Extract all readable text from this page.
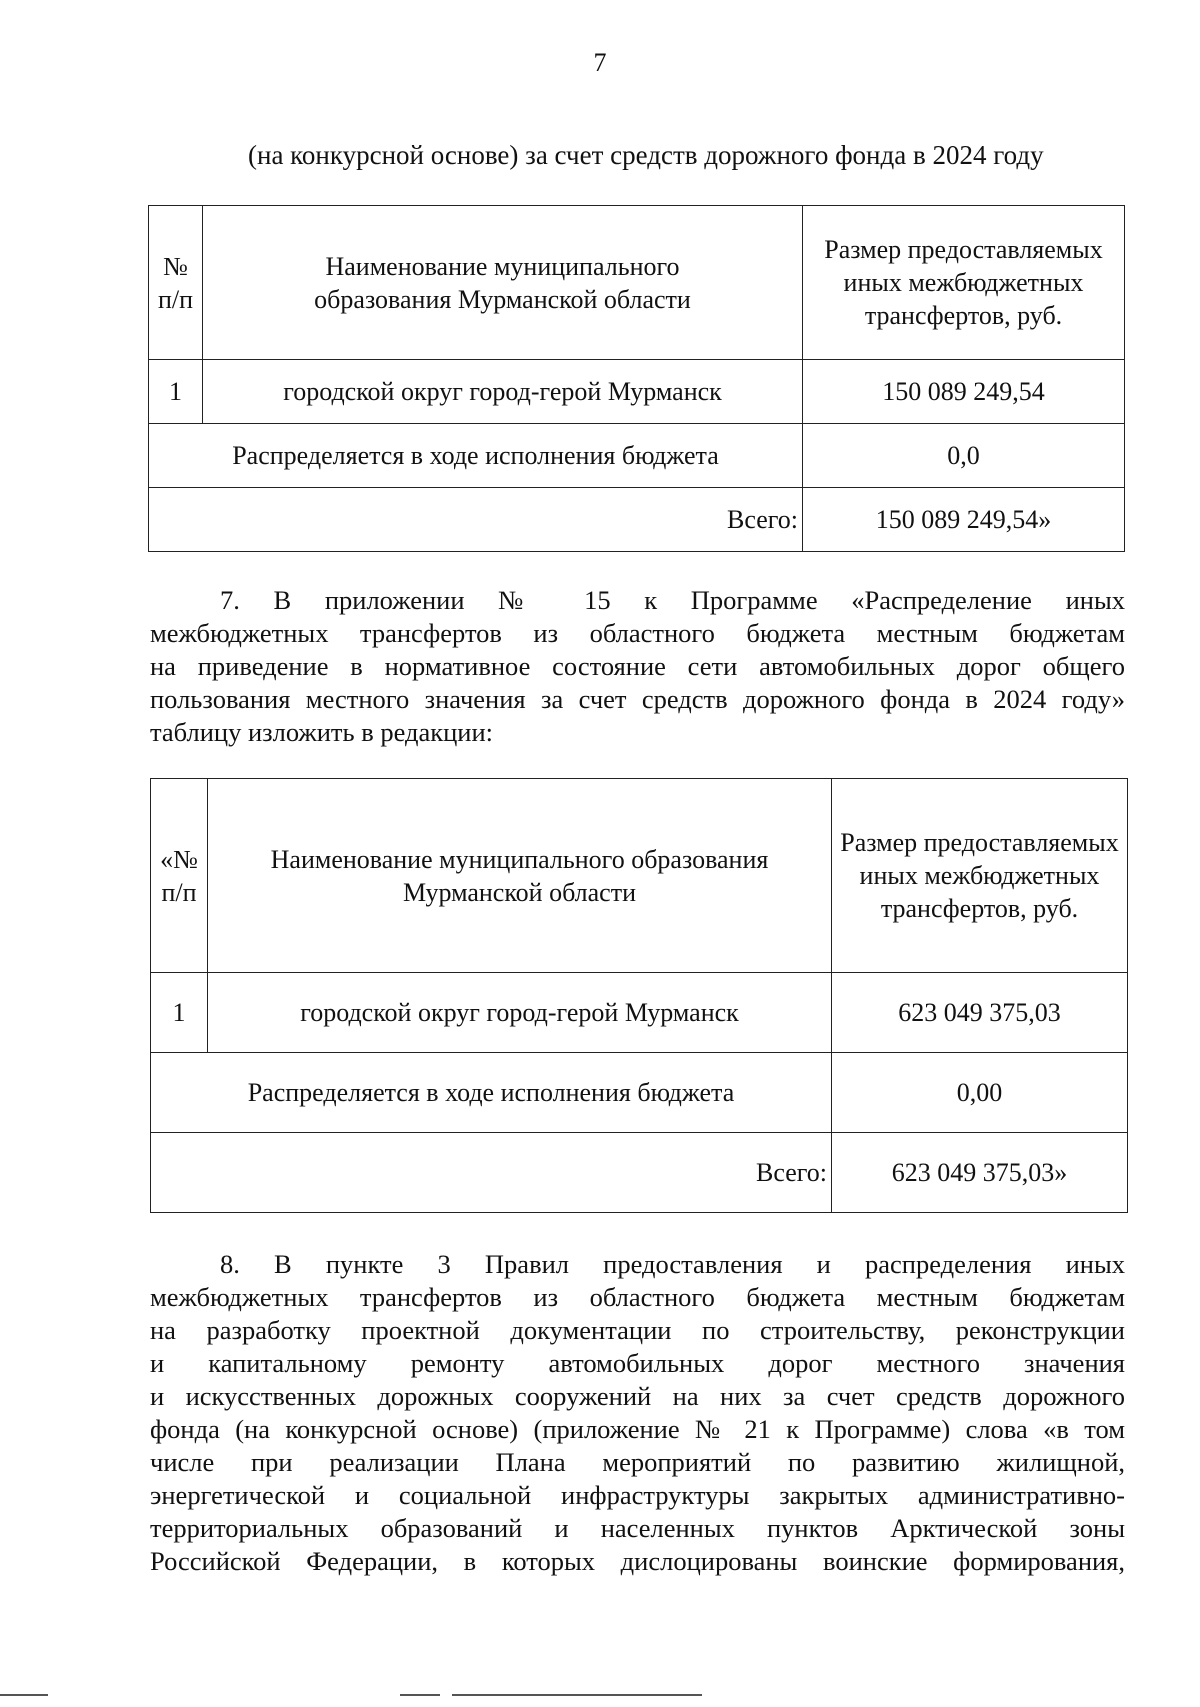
7
(на конкурсной основе) за счет средств дорожного фонда в 2024 году
№ п/п	Наименование муниципального образования Мурманской области	Размер предоставляемых иных межбюджетных трансфертов, руб.
1	городской округ город-герой Мурманск	150 089 249,54
Распределяется в ходе исполнения бюджета		0,0
Всего:		150 089 249,54»
7. В приложении № 15 к Программе «Распределение иных
межбюджетных трансфертов из областного бюджета местным бюджетам
на приведение в нормативное состояние сети автомобильных дорог общего
пользования местного значения за счет средств дорожного фонда в 2024 году»
таблицу изложить в редакции:
«№ п/п	Наименование муниципального образования Мурманской области	Размер предоставляемых иных межбюджетных трансфертов, руб.
1	городской округ город-герой Мурманск	623 049 375,03
Распределяется в ходе исполнения бюджета		0,00
Всего:		623 049 375,03»
8. В пункте 3 Правил предоставления и распределения иных
межбюджетных трансфертов из областного бюджета местным бюджетам
на разработку проектной документации по строительству, реконструкции
и капитальному ремонту автомобильных дорог местного значения
и искусственных дорожных сооружений на них за счет средств дорожного
фонда (на конкурсной основе) (приложение № 21 к Программе) слова «в том
числе при реализации Плана мероприятий по развитию жилищной,
энергетической и социальной инфраструктуры закрытых административно-
территориальных образований и населенных пунктов Арктической зоны
Российской Федерации, в которых дислоцированы воинские формирования,
